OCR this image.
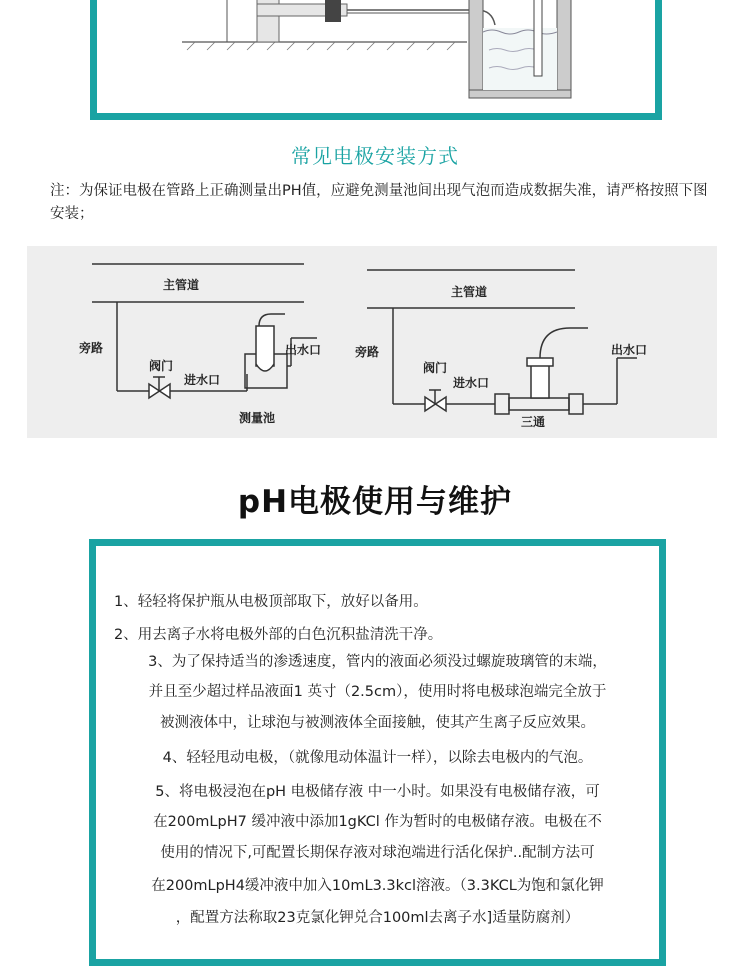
常见电极安装方式
注：为保证电极在管路上正确测量出PH值，应避免测量池间出现气泡而造成数据失准，请严格按照下图安装；
主管道
旁路
阀门
进水口
出水口
测量池
主管道
旁路
阀门
进水口
出水口
三通
pH电极使用与维护
1、轻轻将保护瓶从电极顶部取下，放好以备用。
2、用去离子水将电极外部的白色沉积盐清洗干净。
3、为了保持适当的渗透速度，管内的液面必须没过螺旋玻璃管的末端，
并且至少超过样品液面1 英寸（2.5cm），使用时将电极球泡端完全放于
被测液体中，让球泡与被测液体全面接触，使其产生离子反应效果。
4、轻轻甩动电极，（就像甩动体温计一样），以除去电极内的气泡。
5、将电极浸泡在pH 电极储存液 中一小时。如果没有电极储存液，可
在200mLpH7 缓冲液中添加1gKCl 作为暂时的电极储存液。电极在不
使用的情况下,可配置长期保存液对球泡端进行活化保护..配制方法可
在200mLpH4缓冲液中加入10mL3.3kcl溶液。（3.3KCL为饱和氯化钾
，配置方法称取23克氯化钾兑合100ml去离子水]适量防腐剂）
